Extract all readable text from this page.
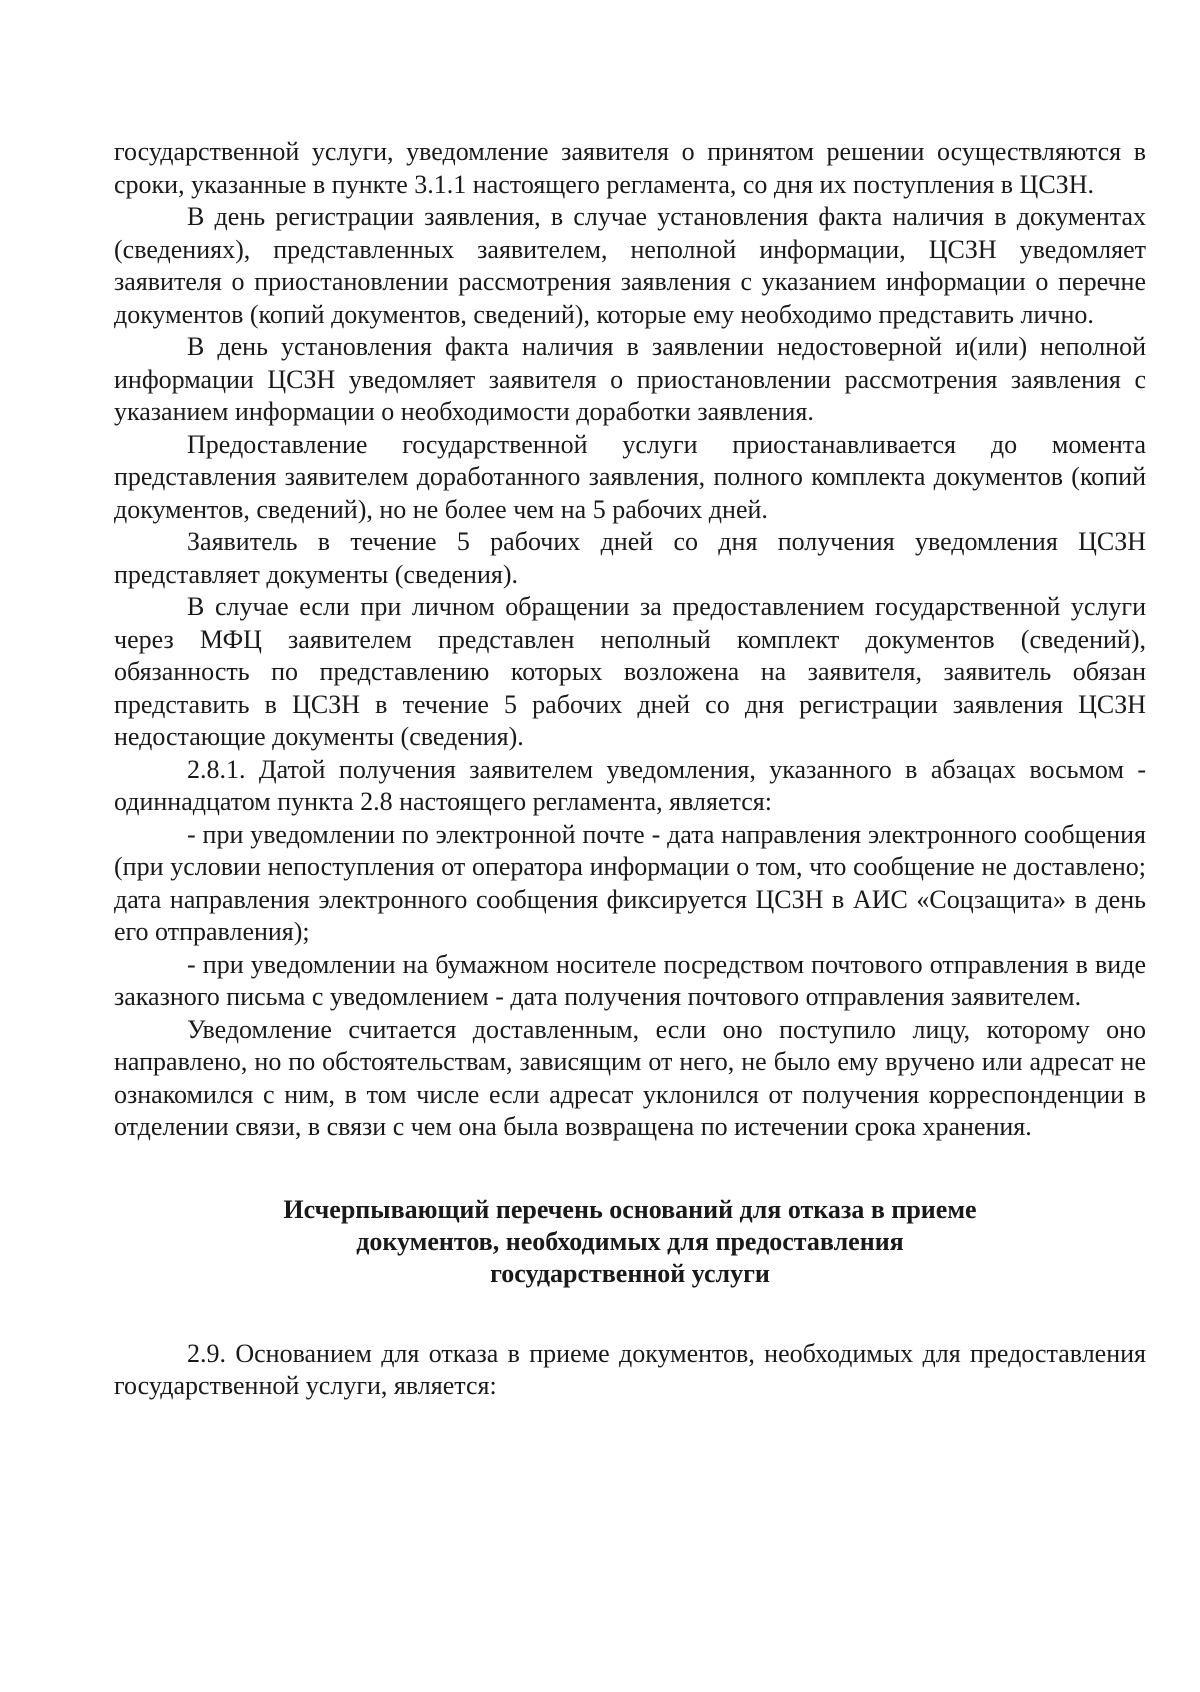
государственной услуги, уведомление заявителя о принятом решении осуществляются в сроки, указанные в пункте 3.1.1 настоящего регламента, со дня их поступления в ЦСЗН.

В день регистрации заявления, в случае установления факта наличия в документах (сведениях), представленных заявителем, неполной информации, ЦСЗН уведомляет заявителя о приостановлении рассмотрения заявления с указанием информации о перечне документов (копий документов, сведений), которые ему необходимо представить лично.

В день установления факта наличия в заявлении недостоверной и(или) неполной информации ЦСЗН уведомляет заявителя о приостановлении рассмотрения заявления с указанием информации о необходимости доработки заявления.

Предоставление государственной услуги приостанавливается до момента представления заявителем доработанного заявления, полного комплекта документов (копий документов, сведений), но не более чем на 5 рабочих дней.

Заявитель в течение 5 рабочих дней со дня получения уведомления ЦСЗН представляет документы (сведения).

В случае если при личном обращении за предоставлением государственной услуги через МФЦ заявителем представлен неполный комплект документов (сведений), обязанность по представлению которых возложена на заявителя, заявитель обязан представить в ЦСЗН в течение 5 рабочих дней со дня регистрации заявления ЦСЗН недостающие документы (сведения).

2.8.1. Датой получения заявителем уведомления, указанного в абзацах восьмом - одиннадцатом пункта 2.8 настоящего регламента, является:

- при уведомлении по электронной почте - дата направления электронного сообщения (при условии непоступления от оператора информации о том, что сообщение не доставлено; дата направления электронного сообщения фиксируется ЦСЗН в АИС «Соцзащита» в день его отправления);

- при уведомлении на бумажном носителе посредством почтового отправления в виде заказного письма с уведомлением - дата получения почтового отправления заявителем.

Уведомление считается доставленным, если оно поступило лицу, которому оно направлено, но по обстоятельствам, зависящим от него, не было ему вручено или адресат не ознакомился с ним, в том числе если адресат уклонился от получения корреспонденции в отделении связи, в связи с чем она была возвращена по истечении срока хранения.

Исчерпывающий перечень оснований для отказа в приеме
документов, необходимых для предоставления
государственной услуги

2.9. Основанием для отказа в приеме документов, необходимых для предоставления государственной услуги, является:
